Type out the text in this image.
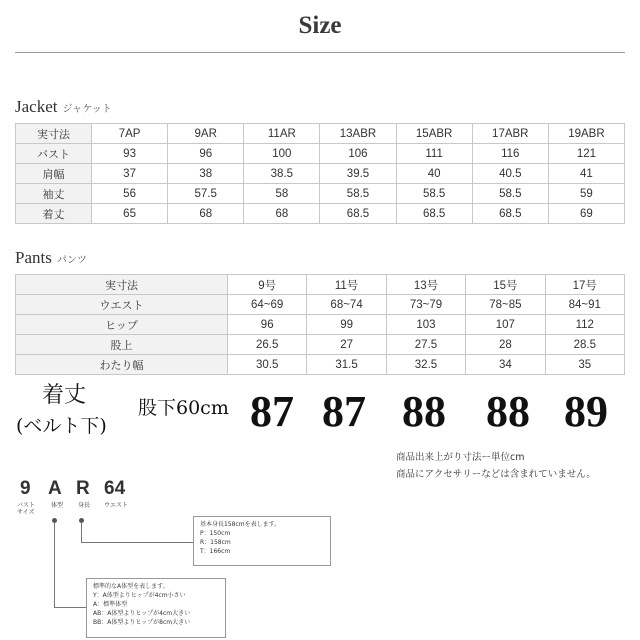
Size
Jacket ジャケット
実寸法	7AP	9AR	11AR	13ABR	15ABR	17ABR	19ABR
バスト	93	96	100	106	111	116	121
肩幅	37	38	38.5	39.5	40	40.5	41
袖丈	56	57.5	58	58.5	58.5	58.5	59
着丈	65	68	68	68.5	68.5	68.5	69
Pants パンツ
実寸法	9号	11号	13号	15号	17号
ウエスト	64~69	68~74	73~79	78~85	84~91
ヒップ	96	99	103	107	112
股上	26.5	27	27.5	28	28.5
わたり幅	30.5	31.5	32.5	34	35
着丈
(ベルト下)
股下60cm 87 87 88 88 89
商品出来上がり寸法ー単位cm
商品にアクセサリーなどは含まれていません。
9 A R 64
バスト
サイズ
体型 身長 ウエスト
基本身長158cmを表します。
P：150cm
R：158cm
T：166cm
標準的なA体型を表します。
Y：A体型よりヒップが4cm小さい
A：標準体型
AB：A体型よりヒップが4cm大きい
BB：A体型よりヒップが8cm大きい
